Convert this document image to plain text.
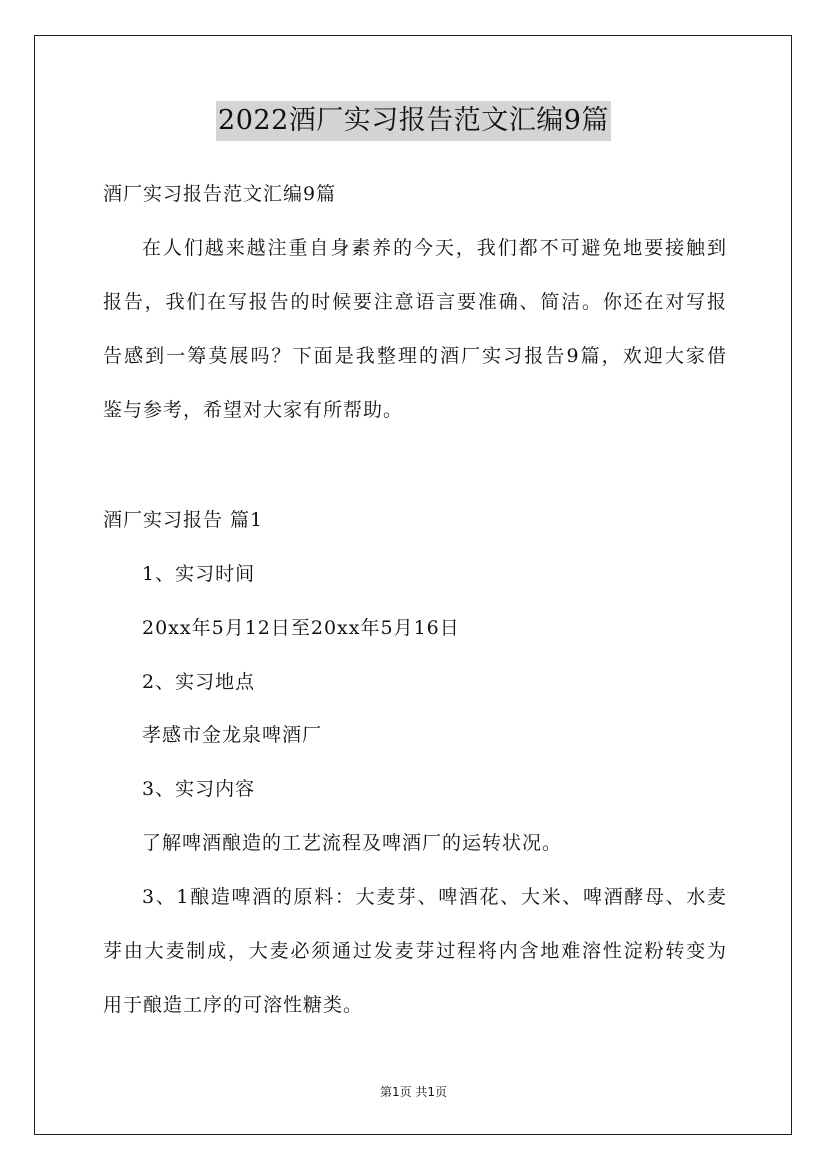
2022酒厂实习报告范文汇编9篇
酒厂实习报告范文汇编9篇
在人们越来越注重自身素养的今天，我们都不可避免地要接触到
报告，我们在写报告的时候要注意语言要准确、简洁。你还在对写报
告感到一筹莫展吗？下面是我整理的酒厂实习报告9篇，欢迎大家借
鉴与参考，希望对大家有所帮助。
酒厂实习报告 篇1
1、实习时间
20xx年5月12日至20xx年5月16日
2、实习地点
孝感市金龙泉啤酒厂
3、实习内容
了解啤酒酿造的工艺流程及啤酒厂的运转状况。
3、1酿造啤酒的原料：大麦芽、啤酒花、大米、啤酒酵母、水麦
芽由大麦制成，大麦必须通过发麦芽过程将内含地难溶性淀粉转变为
用于酿造工序的可溶性糖类。
第1页 共1页
